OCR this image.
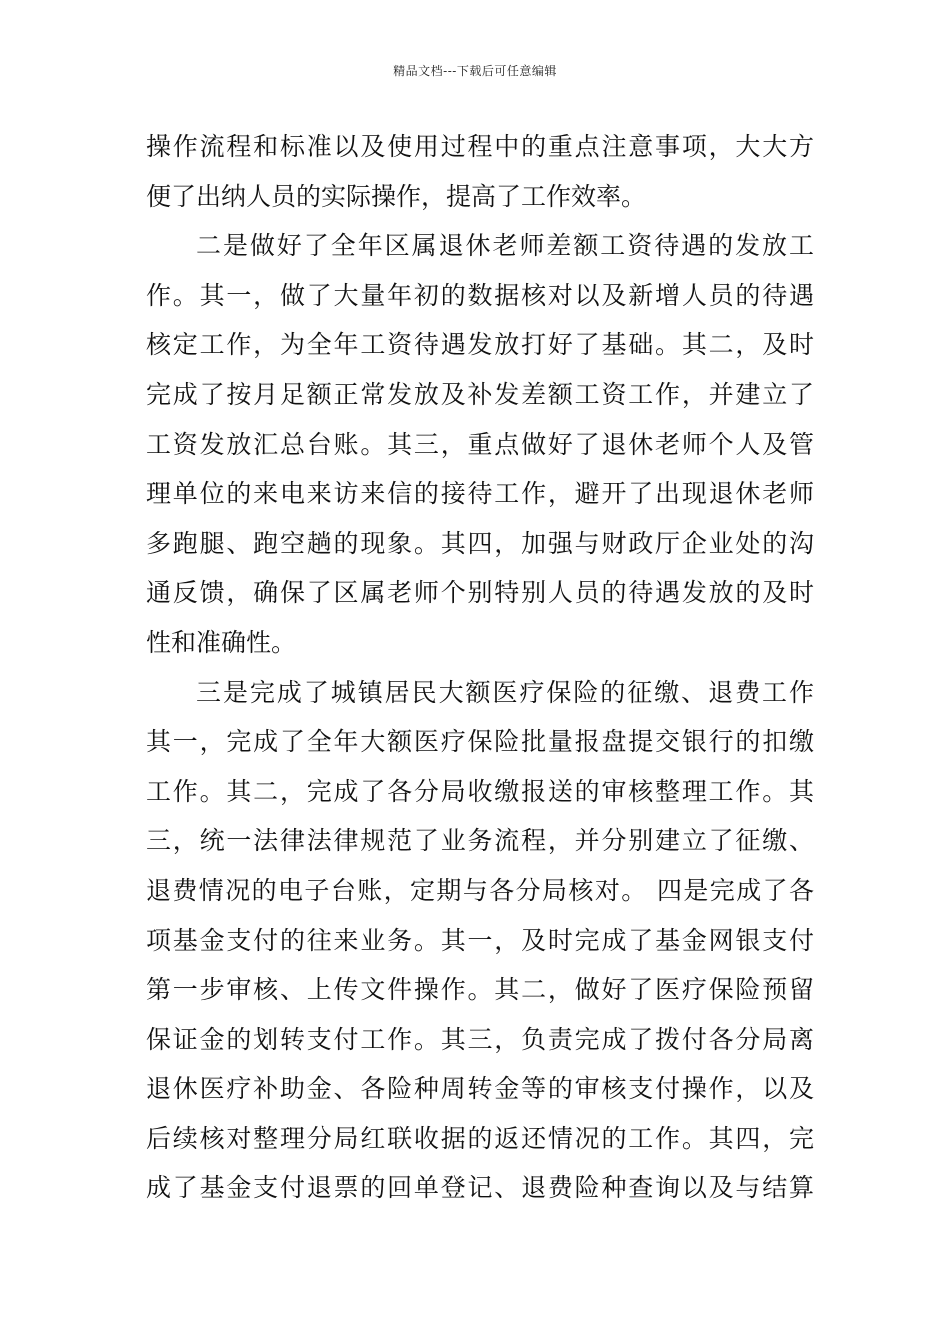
精品文档---下载后可任意编辑
操作流程和标准以及使用过程中的重点注意事项，大大方
便了出纳人员的实际操作，提高了工作效率。
二是做好了全年区属退休老师差额工资待遇的发放工
作。其一，做了大量年初的数据核对以及新增人员的待遇
核定工作，为全年工资待遇发放打好了基础。其二，及时
完成了按月足额正常发放及补发差额工资工作，并建立了
工资发放汇总台账。其三，重点做好了退休老师个人及管
理单位的来电来访来信的接待工作，避开了出现退休老师
多跑腿、跑空趟的现象。其四，加强与财政厅企业处的沟
通反馈，确保了区属老师个别特别人员的待遇发放的及时
性和准确性。
三是完成了城镇居民大额医疗保险的征缴、退费工作
其一，完成了全年大额医疗保险批量报盘提交银行的扣缴
工作。其二，完成了各分局收缴报送的审核整理工作。其
三，统一法律法律规范了业务流程，并分别建立了征缴、
退费情况的电子台账，定期与各分局核对。 四是完成了各
项基金支付的往来业务。其一，及时完成了基金网银支付
第一步审核、上传文件操作。其二，做好了医疗保险预留
保证金的划转支付工作。其三，负责完成了拨付各分局离
退休医疗补助金、各险种周转金等的审核支付操作，以及
后续核对整理分局红联收据的返还情况的工作。其四，完
成了基金支付退票的回单登记、退费险种查询以及与结算
